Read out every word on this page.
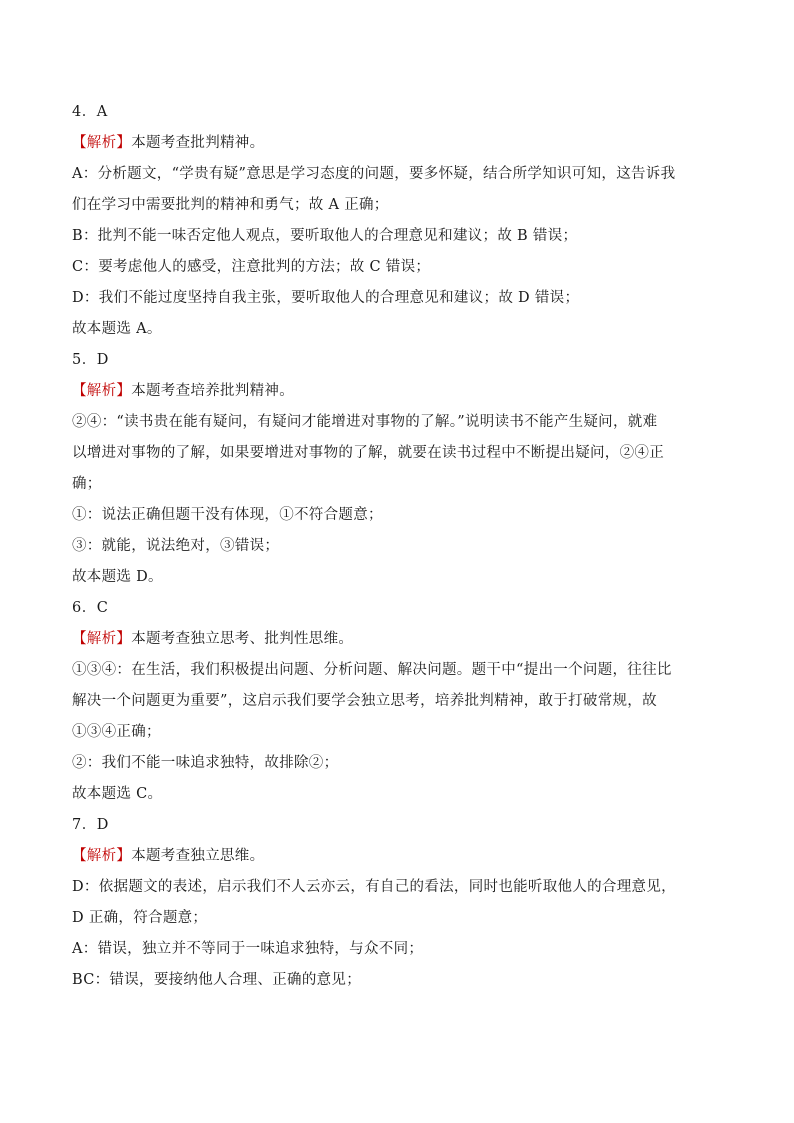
4．A
【解析】本题考查批判精神。
A：分析题文，“学贵有疑”意思是学习态度的问题，要多怀疑，结合所学知识可知，这告诉我
们在学习中需要批判的精神和勇气；故 A 正确；
B：批判不能一味否定他人观点，要听取他人的合理意见和建议；故 B 错误；
C：要考虑他人的感受，注意批判的方法；故 C 错误；
D：我们不能过度坚持自我主张，要听取他人的合理意见和建议；故 D 错误；
故本题选 A。
5．D
【解析】本题考查培养批判精神。
②④：“读书贵在能有疑问，有疑问才能增进对事物的了解。”说明读书不能产生疑问，就难
以增进对事物的了解，如果要增进对事物的了解，就要在读书过程中不断提出疑问，②④正
确；
①：说法正确但题干没有体现，①不符合题意；
③：就能，说法绝对，③错误；
故本题选 D。
6．C
【解析】本题考查独立思考、批判性思维。
①③④：在生活，我们积极提出问题、分析问题、解决问题。题干中“提出一个问题，往往比
解决一个问题更为重要”，这启示我们要学会独立思考，培养批判精神，敢于打破常规，故
①③④正确；
②：我们不能一味追求独特，故排除②；
故本题选 C。
7．D
【解析】本题考查独立思维。
D：依据题文的表述，启示我们不人云亦云，有自己的看法，同时也能听取他人的合理意见，
D 正确，符合题意；
A：错误，独立并不等同于一味追求独特，与众不同；
BC：错误，要接纳他人合理、正确的意见；
